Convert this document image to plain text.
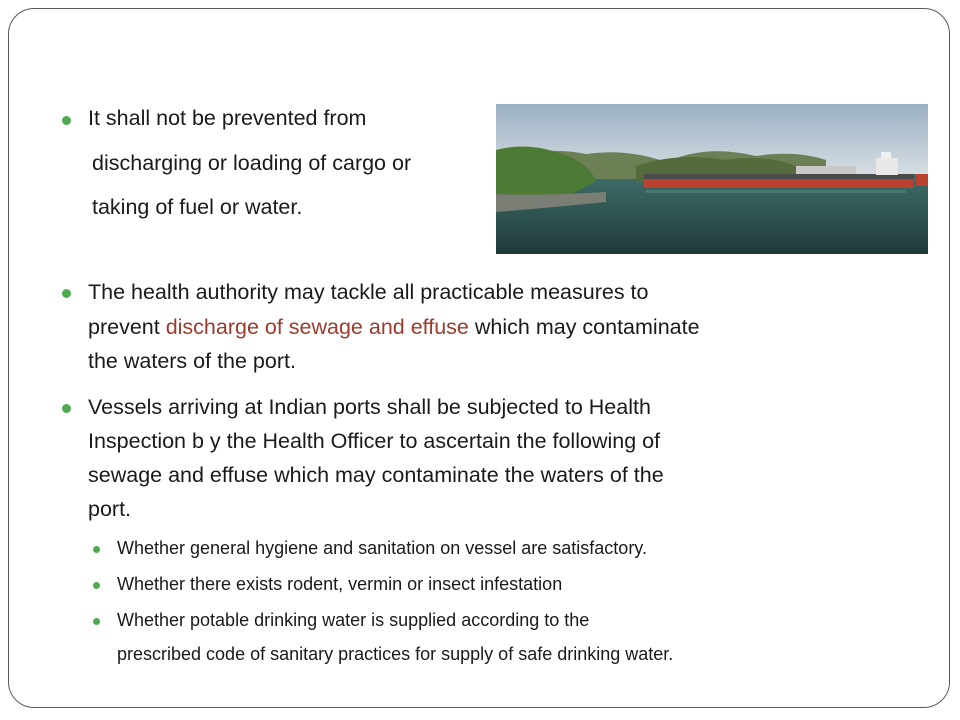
It shall not be prevented from
discharging or loading of cargo or
taking of fuel or water.
The health authority may tackle all practicable measures to
prevent discharge of sewage and effuse which may contaminate
the waters of the port.
Vessels arriving at Indian ports shall be subjected to Health
Inspection b y the Health Officer to ascertain the following of
sewage and effuse which may contaminate the waters of the
port.
Whether general hygiene and sanitation on vessel are satisfactory.
Whether there exists rodent, vermin or insect infestation
Whether potable drinking water is supplied according to the
prescribed code of sanitary practices for supply of safe drinking water.
